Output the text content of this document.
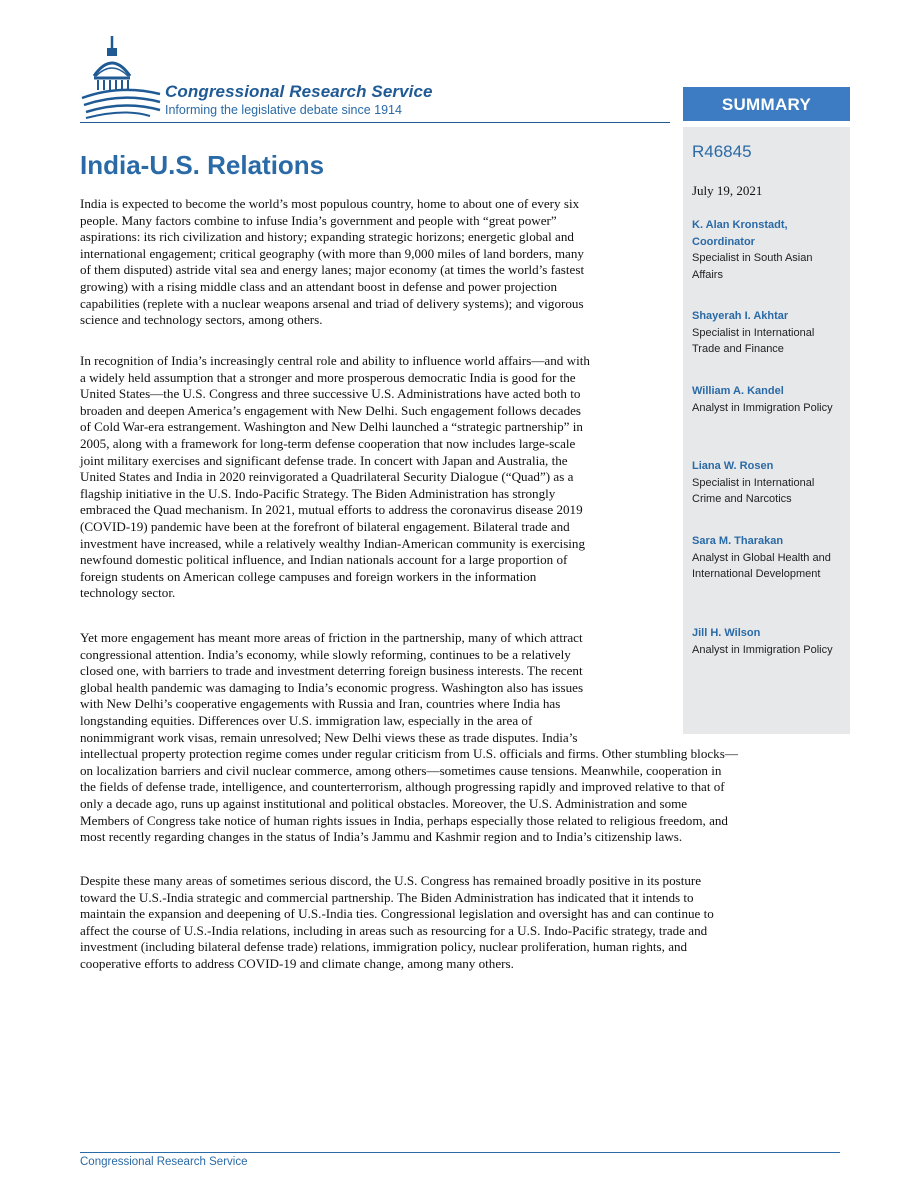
Congressional Research Service
Informing the legislative debate since 1914	SUMMARY
R46845
July 19, 2021
K. Alan Kronstadt,
Coordinator
Specialist in South Asian Affairs
Shayerah I. Akhtar
Specialist in International Trade and Finance
William A. Kandel
Analyst in Immigration Policy
Liana W. Rosen
Specialist in International Crime and Narcotics
Sara M. Tharakan
Analyst in Global Health and International Development
Jill H. Wilson
Analyst in Immigration Policy
India-U.S. Relations

India is expected to become the world’s most populous country, home to about one of every six
people. Many factors combine to infuse India’s government and people with “great power”
aspirations: its rich civilization and history; expanding strategic horizons; energetic global and
international engagement; critical geography (with more than 9,000 miles of land borders, many
of them disputed) astride vital sea and energy lanes; major economy (at times the world’s fastest
growing) with a rising middle class and an attendant boost in defense and power projection
capabilities (replete with a nuclear weapons arsenal and triad of delivery systems); and vigorous
science and technology sectors, among others.

In recognition of India’s increasingly central role and ability to influence world affairs—and with
a widely held assumption that a stronger and more prosperous democratic India is good for the
United States—the U.S. Congress and three successive U.S. Administrations have acted both to
broaden and deepen America’s engagement with New Delhi. Such engagement follows decades
of Cold War-era estrangement. Washington and New Delhi launched a “strategic partnership” in
2005, along with a framework for long-term defense cooperation that now includes large-scale
joint military exercises and significant defense trade. In concert with Japan and Australia, the
United States and India in 2020 reinvigorated a Quadrilateral Security Dialogue (“Quad”) as a
flagship initiative in the U.S. Indo-Pacific Strategy. The Biden Administration has strongly
embraced the Quad mechanism. In 2021, mutual efforts to address the coronavirus disease 2019
(COVID-19) pandemic have been at the forefront of bilateral engagement. Bilateral trade and
investment have increased, while a relatively wealthy Indian-American community is exercising
newfound domestic political influence, and Indian nationals account for a large proportion of
foreign students on American college campuses and foreign workers in the information
technology sector.

Yet more engagement has meant more areas of friction in the partnership, many of which attract
congressional attention. India’s economy, while slowly reforming, continues to be a relatively
closed one, with barriers to trade and investment deterring foreign business interests. The recent
global health pandemic was damaging to India’s economic progress. Washington also has issues
with New Delhi’s cooperative engagements with Russia and Iran, countries where India has
longstanding equities. Differences over U.S. immigration law, especially in the area of
nonimmigrant work visas, remain unresolved; New Delhi views these as trade disputes. India’s
intellectual property protection regime comes under regular criticism from U.S. officials and firms. Other stumbling blocks—
on localization barriers and civil nuclear commerce, among others—sometimes cause tensions. Meanwhile, cooperation in
the fields of defense trade, intelligence, and counterterrorism, although progressing rapidly and improved relative to that of
only a decade ago, runs up against institutional and political obstacles. Moreover, the U.S. Administration and some
Members of Congress take notice of human rights issues in India, perhaps especially those related to religious freedom, and
most recently regarding changes in the status of India’s Jammu and Kashmir region and to India’s citizenship laws.

Despite these many areas of sometimes serious discord, the U.S. Congress has remained broadly positive in its posture
toward the U.S.-India strategic and commercial partnership. The Biden Administration has indicated that it intends to
maintain the expansion and deepening of U.S.-India ties. Congressional legislation and oversight has and can continue to
affect the course of U.S.-India relations, including in areas such as resourcing for a U.S. Indo-Pacific strategy, trade and
investment (including bilateral defense trade) relations, immigration policy, nuclear proliferation, human rights, and
cooperative efforts to address COVID-19 and climate change, among many others.

Congressional Research Service
